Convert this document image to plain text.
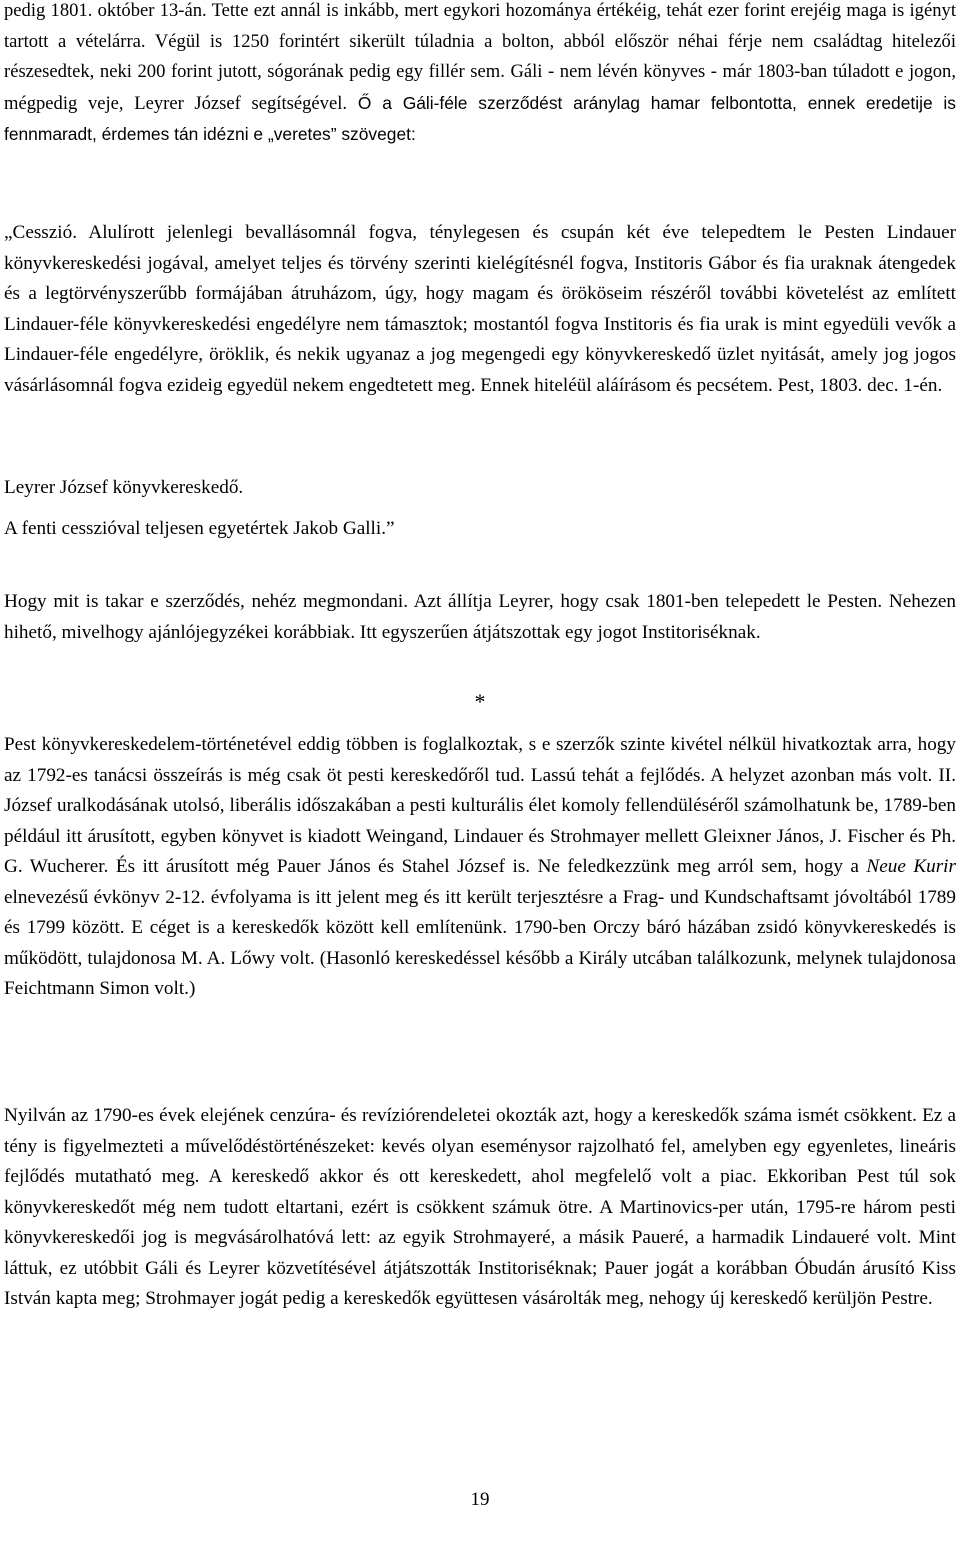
pedig 1801. október 13-án. Tette ezt annál is inkább, mert egykori hozományа értékéig, tehát ezer forint erejéig maga is igényt tartott a vételárra. Végül is 1250 forintért sikerült túladnia a bolton, abból először néhai férje nem családtag hitelezői részesedtek, neki 200 forint jutott, sógorának pedig egy fillér sem. Gáli - nem lévén könyves - már 1803-ban túladott e jogon, mégpedig veje, Leyrer József segítségével. Ő a Gáli-féle szerződést aránylag hamar felbontotta, ennek eredetije is fennmaradt, érdemes tán idézni e „veretes” szöveget:

„Cesszió. Alulírott jelenlegi bevallásomnál fogva, ténylegesen és csupán két éve telepedtem le Pesten Lindauer könyvkereskedési jogával, amelyet teljes és törvény szerinti kielégítésnél fogva, Institoris Gábor és fia uraknak átengedek és a legtörvényszerűbb formájában átruházom, úgy, hogy magam és örököseim részéről további követelést az említett Lindauer-féle könyvkereskedési engedélyre nem támasztok; mostantól fogva Institoris és fia urak is mint egyedüli vevők a Lindauer-féle engedélyre, öröklik, és nekik ugyanaz a jog megengedi egy könyvkereskedő üzlet nyitását, amely jog jogos vásárlásomnál fogva ezideig egyedül nekem engedtetett meg. Ennek hiteléül aláírásom és pecsétem. Pest, 1803. dec. 1-én.

Leyrer József könyvkereskedő.

A fenti cesszióval teljesen egyetértek Jakob Galli.”

Hogy mit is takar e szerződés, nehéz megmondani. Azt állítja Leyrer, hogy csak 1801-ben telepedett le Pesten. Nehezen hihető, mivelhogy ajánlójegyzékei korábbiak. Itt egyszerűen átjátszottak egy jogot Institoriséknak.

*

Pest könyvkereskedelem-történetével eddig többen is foglalkoztak, s e szerzők szinte kivétel nélkül hivatkoztak arra, hogy az 1792-es tanácsi összeírás is még csak öt pesti kereskedőről tud. Lassú tehát a fejlődés. A helyzet azonban más volt. II. József uralkodásának utolsó, liberális időszakában a pesti kulturális élet komoly fellendüléséről számolhatunk be, 1789-ben például itt árusított, egyben könyvet is kiadott Weingand, Lindauer és Strohmayer mellett Gleixner János, J. Fischer és Ph. G. Wucherer. És itt árusított még Pauer János és Stahel József is. Ne feledkezzünk meg arról sem, hogy a Neue Kurir elnevezésű évkönyv 2-12. évfolyama is itt jelent meg és itt került terjesztésre a Frag- und Kundschaftsamt jóvoltából 1789 és 1799 között. E céget is a kereskedők között kell említenünk. 1790-ben Orczy báró házában zsidó könyvkereskedés is működött, tulajdonosa M. A. Lőwy volt. (Hasonló kereskedéssel később a Király utcában találkozunk, melynek tulajdonosa Feichtmann Simon volt.)

Nyilván az 1790-es évek elejének cenzúra- és revíziórendeletei okozták azt, hogy a kereskedők száma ismét csökkent. Ez a tény is figyelmezteti a művelődéstörténészeket: kevés olyan eseménysor rajzolható fel, amelyben egy egyenletes, lineáris fejlődés mutatható meg. A kereskedő akkor és ott kereskedett, ahol megfelelő volt a piac. Ekkoriban Pest túl sok könyvkereskedőt még nem tudott eltartani, ezért is csökkent számuk ötre. A Martinovics-per után, 1795-re három pesti könyvkereskedői jog is megvásárolhatóvá lett: az egyik Strohmayeré, a másik Paueré, a harmadik Lindaueré volt. Mint láttuk, ez utóbbit Gáli és Leyrer közvetítésével átjátszották Institoriséknak; Pauer jogát a korábban Óbudán árusító Kiss István kapta meg; Strohmayer jogát pedig a kereskedők együttesen vásárolták meg, nehogy új kereskedő kerüljön Pestre.

19
